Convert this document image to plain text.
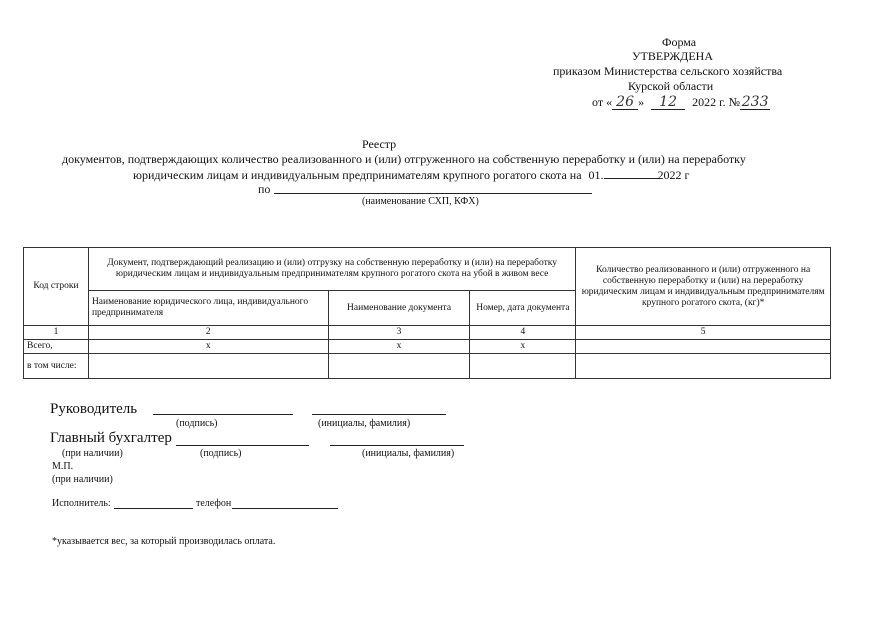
Форма
УТВЕРЖДЕНА
приказом Министерства сельского хозяйства
Курской области
от « 26 » 12 2022 г. № 233
Реестр
документов, подтверждающих количество реализованного и (или) отгруженного на собственную переработку и (или) на переработку
юридическим лицам и индивидуальным предпринимателям крупного рогатого скота на 01.	2022 г
по
(наименование СХП, КФХ)
Код строки	Документ, подтверждающий реализацию и (или) отгрузку на собственную переработку и (или) на переработку юридическим лицам и индивидуальным предпринимателям крупного рогатого скота на убой в живом весе			Количество реализованного и (или) отгруженного на собственную переработку и (или) на переработку юридическим лицам и индивидуальным предпринимателям крупного рогатого скота, (кг)*
	Наименование юридического лица, индивидуального предпринимателя	Наименование документа	Номер, дата документа	
1	2	3	4	5
Всего,	х	х	х	
в том числе:				
Руководитель
(подпись)	(инициалы, фамилия)
Главный бухгалтер
(при наличии)	(подпись)	(инициалы, фамилия)
М.П.
(при наличии)
Исполнитель:	телефон
*указывается вес, за который производилась оплата.
